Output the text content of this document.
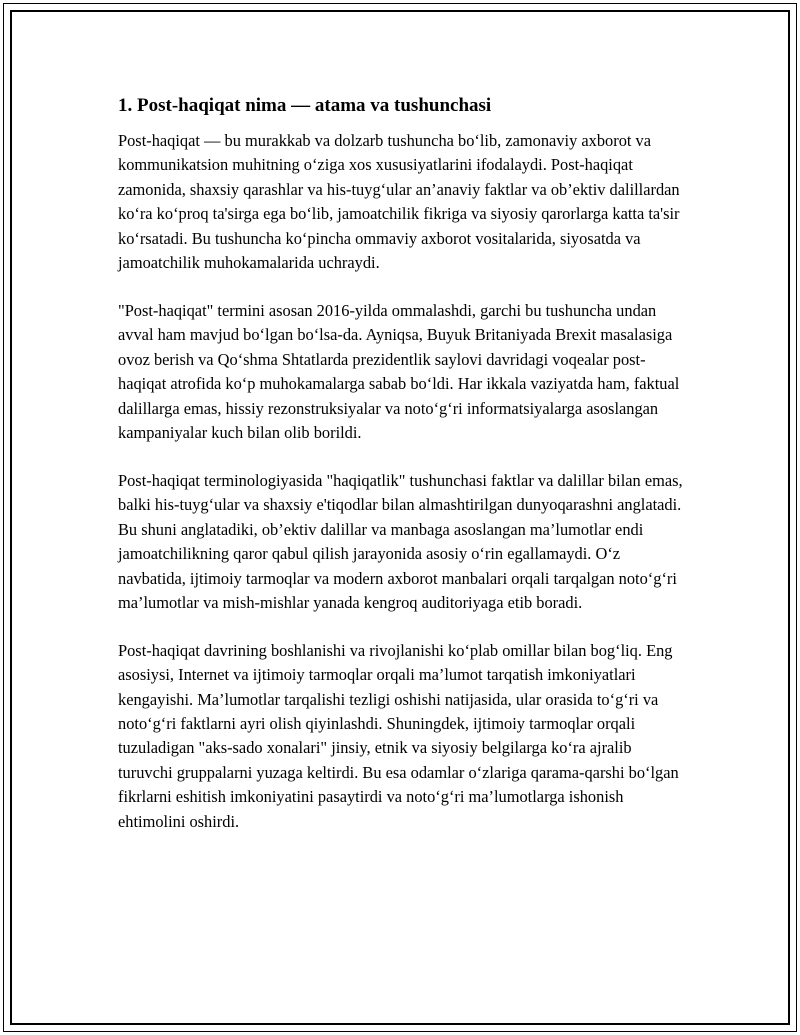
1. Post-haqiqat nima — atama va tushunchasi

Post-haqiqat — bu murakkab va dolzarb tushuncha bo‘lib, zamonaviy axborot va kommunikatsion muhitning o‘ziga xos xususiyatlarini ifodalaydi. Post-haqiqat zamonida, shaxsiy qarashlar va his-tuyg‘ular an’anaviy faktlar va ob’ektiv dalillardan ko‘ra ko‘proq ta'sirga ega bo‘lib, jamoatchilik fikriga va siyosiy qarorlarga katta ta'sir ko‘rsatadi. Bu tushuncha ko‘pincha ommaviy axborot vositalarida, siyosatda va jamoatchilik muhokamalarida uchraydi.

"Post-haqiqat" termini asosan 2016-yilda ommalashdi, garchi bu tushuncha undan avval ham mavjud bo‘lgan bo‘lsa-da. Ayniqsa, Buyuk Britaniyada Brexit masalasiga ovoz berish va Qo‘shma Shtatlarda prezidentlik saylovi davridagi voqealar post-haqiqat atrofida ko‘p muhokamalarga sabab bo‘ldi. Har ikkala vaziyatda ham, faktual dalillarga emas, hissiy rezonstruksiyalar va noto‘g‘ri informatsiyalarga asoslangan kampaniyalar kuch bilan olib borildi.

Post-haqiqat terminologiyasida "haqiqatlik" tushunchasi faktlar va dalillar bilan emas, balki his-tuyg‘ular va shaxsiy e'tiqodlar bilan almashtirilgan dunyoqarashni anglatadi. Bu shuni anglatadiki, ob’ektiv dalillar va manbaga asoslangan ma’lumotlar endi jamoatchilikning qaror qabul qilish jarayonida asosiy o‘rin egallamaydi. O‘z navbatida, ijtimoiy tarmoqlar va modern axborot manbalari orqali tarqalgan noto‘g‘ri ma’lumotlar va mish-mishlar yanada kengroq auditoriyaga etib boradi.

Post-haqiqat davrining boshlanishi va rivojlanishi ko‘plab omillar bilan bog‘liq. Eng asosiysi, Internet va ijtimoiy tarmoqlar orqali ma’lumot tarqatish imkoniyatlari kengayishi. Ma’lumotlar tarqalishi tezligi oshishi natijasida, ular orasida to‘g‘ri va noto‘g‘ri faktlarni ayri olish qiyinlashdi. Shuningdek, ijtimoiy tarmoqlar orqali tuzuladigan "aks-sado xonalari" jinsiy, etnik va siyosiy belgilarga ko‘ra ajralib turuvchi gruppalarni yuzaga keltirdi. Bu esa odamlar o‘zlariga qarama-qarshi bo‘lgan fikrlarni eshitish imkoniyatini pasaytirdi va noto‘g‘ri ma’lumotlarga ishonish ehtimolini oshirdi.
